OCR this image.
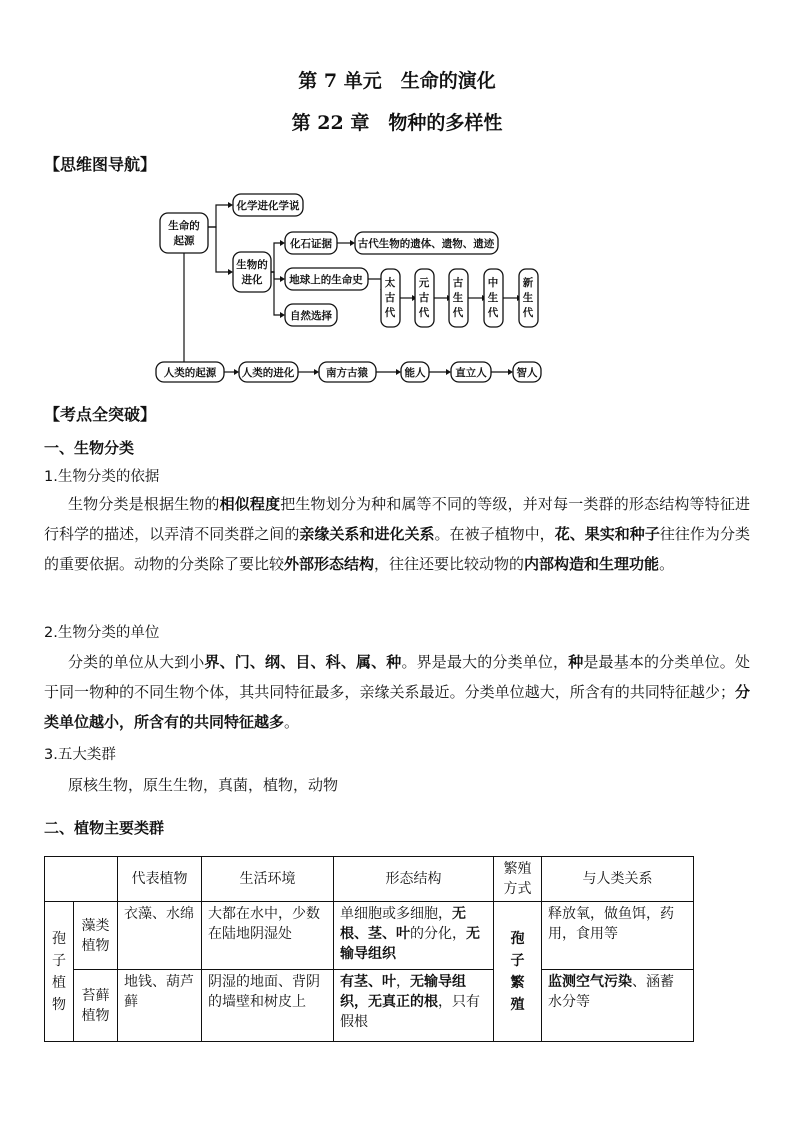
第 7 单元　生命的演化
第 22 章　物种的多样性
【思维图导航】
生命的
起源
化学进化学说
生物的
进化
化石证据 古代生物的遗体、遗物、遗迹
地球上的生命史
自然选择
太
古
代
元
古
代
古
生
代
中
生
代
新
生
代
人类的起源 人类的进化	南方古猿	能人	直立人	智人
【考点全突破】
一、生物分类
1.生物分类的依据
生物分类是根据生物的相似程度把生物划分为种和属等不同的等级，并对每一类群的形态结构等特征进行科学的描述，以弄清不同类群之间的亲缘关系和进化关系。在被子植物中，花、果实和种子往往作为分类的重要依据。动物的分类除了要比较外部形态结构，往往还要比较动物的内部构造和生理功能。
2.生物分类的单位
分类的单位从大到小界、门、纲、目、科、属、种。界是最大的分类单位，种是最基本的分类单位。处于同一物种的不同生物个体，其共同特征最多，亲缘关系最近。分类单位越大，所含有的共同特征越少；分类单位越小，所含有的共同特征越多。
3.五大类群
原核生物，原生生物，真菌，植物，动物
二、植物主要类群
		代表植物	生活环境	形态结构	繁殖方式	与人类关系
孢子植物	藻类植物	衣藻、水绵	大都在水中，少数在陆地阴湿处	单细胞或多细胞，无根、茎、叶的分化，无输导组织	孢子繁殖	释放氧，做鱼饵，药用，食用等
	苔藓植物	地钱、葫芦藓	阴湿的地面、背阴的墙壁和树皮上	有茎、叶，无输导组织，无真正的根，只有假根		监测空气污染、涵蓄水分等
